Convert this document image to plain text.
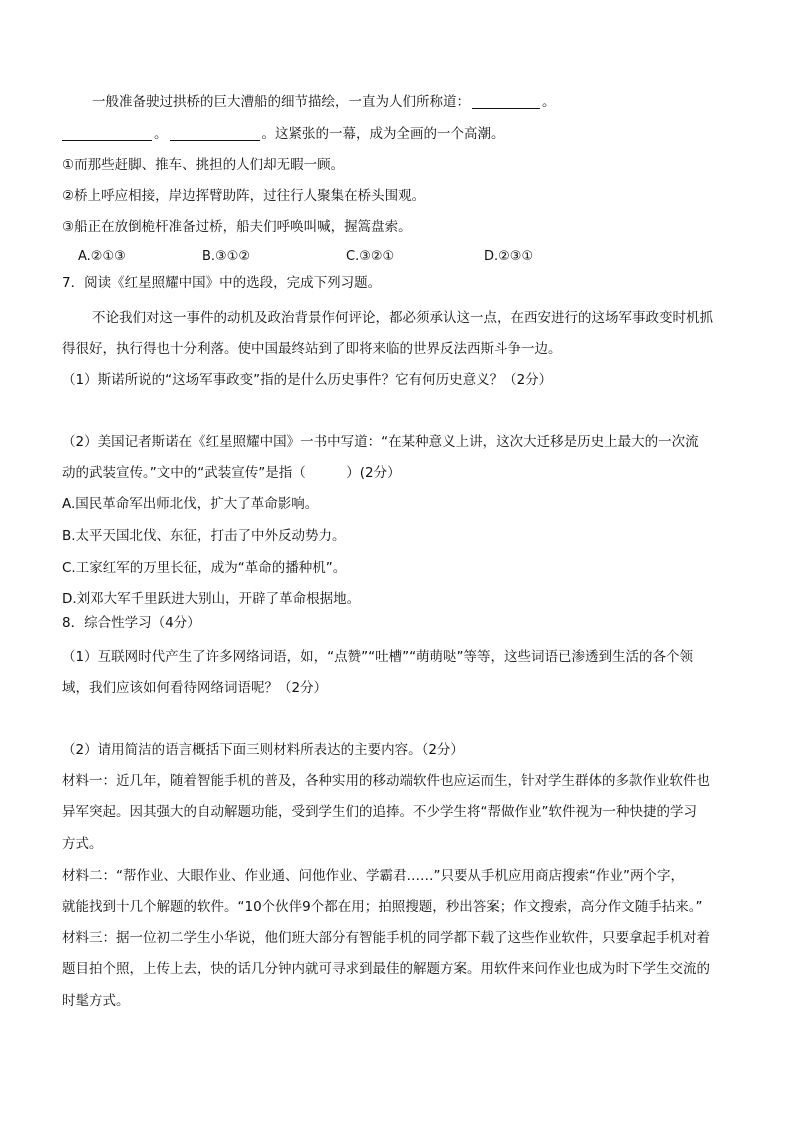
一般准备驶过拱桥的巨大漕船的细节描绘，一直为人们所称道：	。
。	。这紧张的一幕，成为全画的一个高潮。
①而那些赶脚、推车、挑担的人们却无暇一顾。
②桥上呼应相接，岸边挥臂助阵，过往行人聚集在桥头围观。
③船正在放倒桅杆准备过桥，船夫们呼唤叫喊，握篙盘索。
A.②①③	B.③①②	C.③②①	D.②③①
7．阅读《红星照耀中国》中的选段，完成下列习题。
不论我们对这一事件的动机及政治背景作何评论，都必须承认这一点，在西安进行的这场军事政变时机抓
得很好，执行得也十分利落。使中国最终站到了即将来临的世界反法西斯斗争一边。
（1）斯诺所说的“这场军事政变”指的是什么历史事件？它有何历史意义？（2分）
（2）美国记者斯诺在《红星照耀中国》一书中写道：“在某种意义上讲，这次大迁移是历史上最大的一次流
动的武装宣传。”文中的“武装宣传”是指（　　　）(2分）
A.国民革命军出师北伐，扩大了革命影响。
B.太平天国北伐、东征，打击了中外反动势力。
C.工家红军的万里长征，成为“革命的播种机”。
D.刘邓大军千里跃进大别山，开辟了革命根据地。
8．综合性学习（4分）
（1）互联网时代产生了许多网络词语，如，“点赞”“吐槽”“萌萌哒”等等，这些词语已渗透到生活的各个领
域，我们应该如何看待网络词语呢？（2分）
（2）请用简洁的语言概括下面三则材料所表达的主要内容。（2分）
材料一：近几年，随着智能手机的普及，各种实用的移动端软件也应运而生，针对学生群体的多款作业软件也
异军突起。因其强大的自动解题功能，受到学生们的追捧。不少学生将“帮做作业”软件视为一种快捷的学习
方式。
材料二：“帮作业、大眼作业、作业通、问他作业、学霸君……”只要从手机应用商店搜索“作业”两个字，
就能找到十几个解题的软件。“10个伙伴9个都在用；拍照搜题，秒出答案；作文搜索，高分作文随手拈来。”
材料三：据一位初二学生小华说，他们班大部分有智能手机的同学都下载了这些作业软件，只要拿起手机对着
题目拍个照，上传上去，快的话几分钟内就可寻求到最佳的解题方案。用软件来问作业也成为时下学生交流的
时髦方式。
